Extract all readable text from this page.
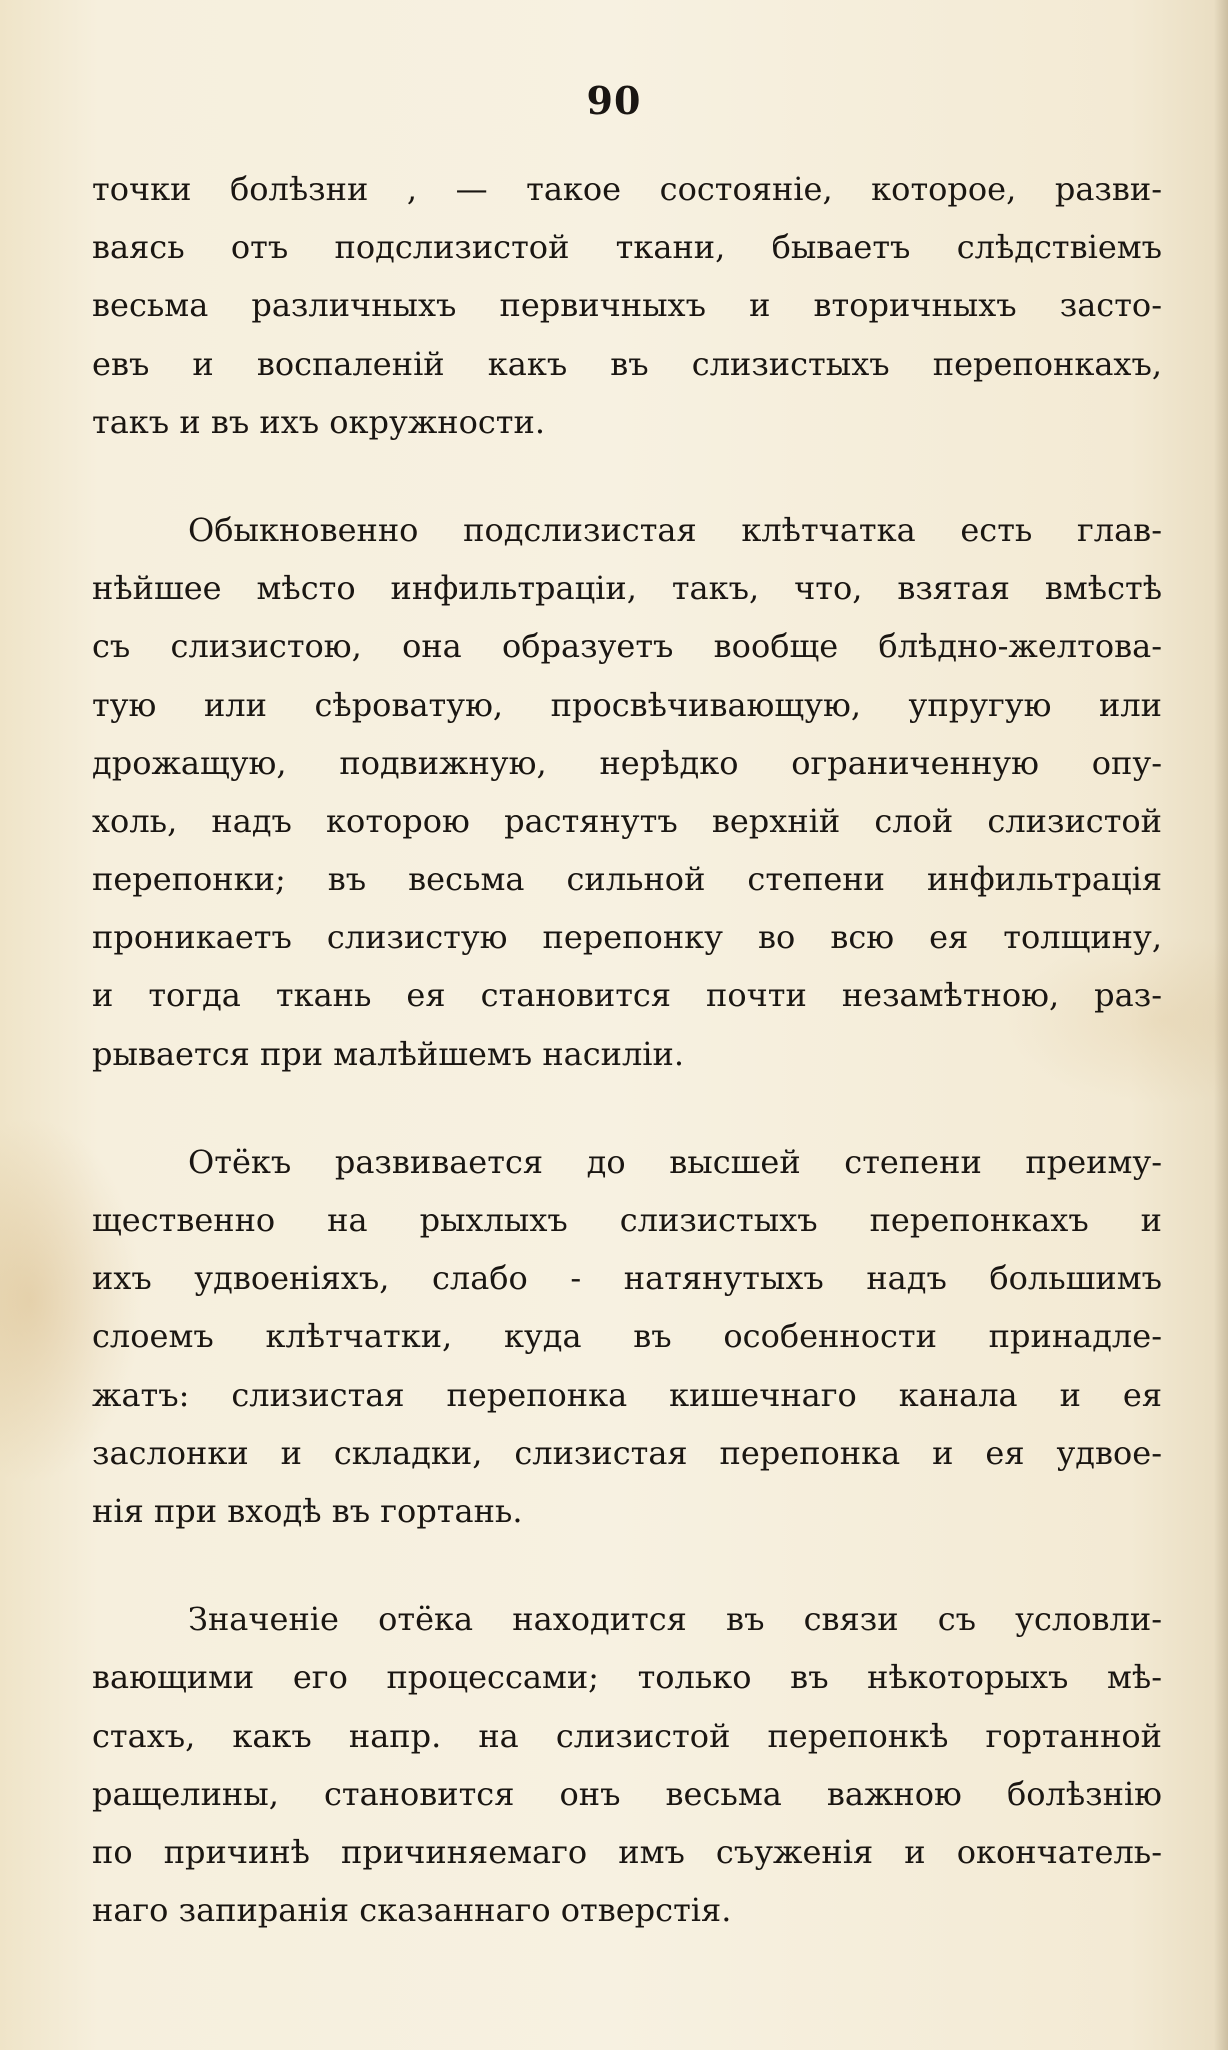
90
точки болѣзни , — такое состояніе, которое, разви-
ваясь отъ подслизистой ткани, бываетъ слѣдствіемъ
весьма различныхъ первичныхъ и вторичныхъ засто-
евъ и воспаленій какъ въ слизистыхъ перепонкахъ,
такъ и въ ихъ окружности.
Обыкновенно подслизистая клѣтчатка есть глав-
нѣйшее мѣсто инфильтраціи, такъ, что, взятая вмѣстѣ
съ слизистою, она образуетъ вообще блѣдно-желтова-
тую или сѣроватую, просвѣчивающую, упругую или
дрожащую, подвижную, нерѣдко ограниченную опу-
холь, надъ которою растянутъ верхній слой слизистой
перепонки; въ весьма сильной степени инфильтрація
проникаетъ слизистую перепонку во всю ея толщину,
и тогда ткань ея становится почти незамѣтною, раз-
рывается при малѣйшемъ насиліи.
Отёкъ развивается до высшей степени преиму-
щественно на рыхлыхъ слизистыхъ перепонкахъ и
ихъ удвоеніяхъ, слабо - натянутыхъ надъ большимъ
слоемъ клѣтчатки, куда въ особенности принадле-
жатъ: слизистая перепонка кишечнаго канала и ея
заслонки и складки, слизистая перепонка и ея удвое-
нія при входѣ въ гортань.
Значеніе отёка находится въ связи съ условли-
вающими его процессами; только въ нѣкоторыхъ мѣ-
стахъ, какъ напр. на слизистой перепонкѣ гортанной
ращелины, становится онъ весьма важною болѣзнію
по причинѣ причиняемаго имъ съуженія и окончатель-
наго запиранія сказаннаго отверстія.
